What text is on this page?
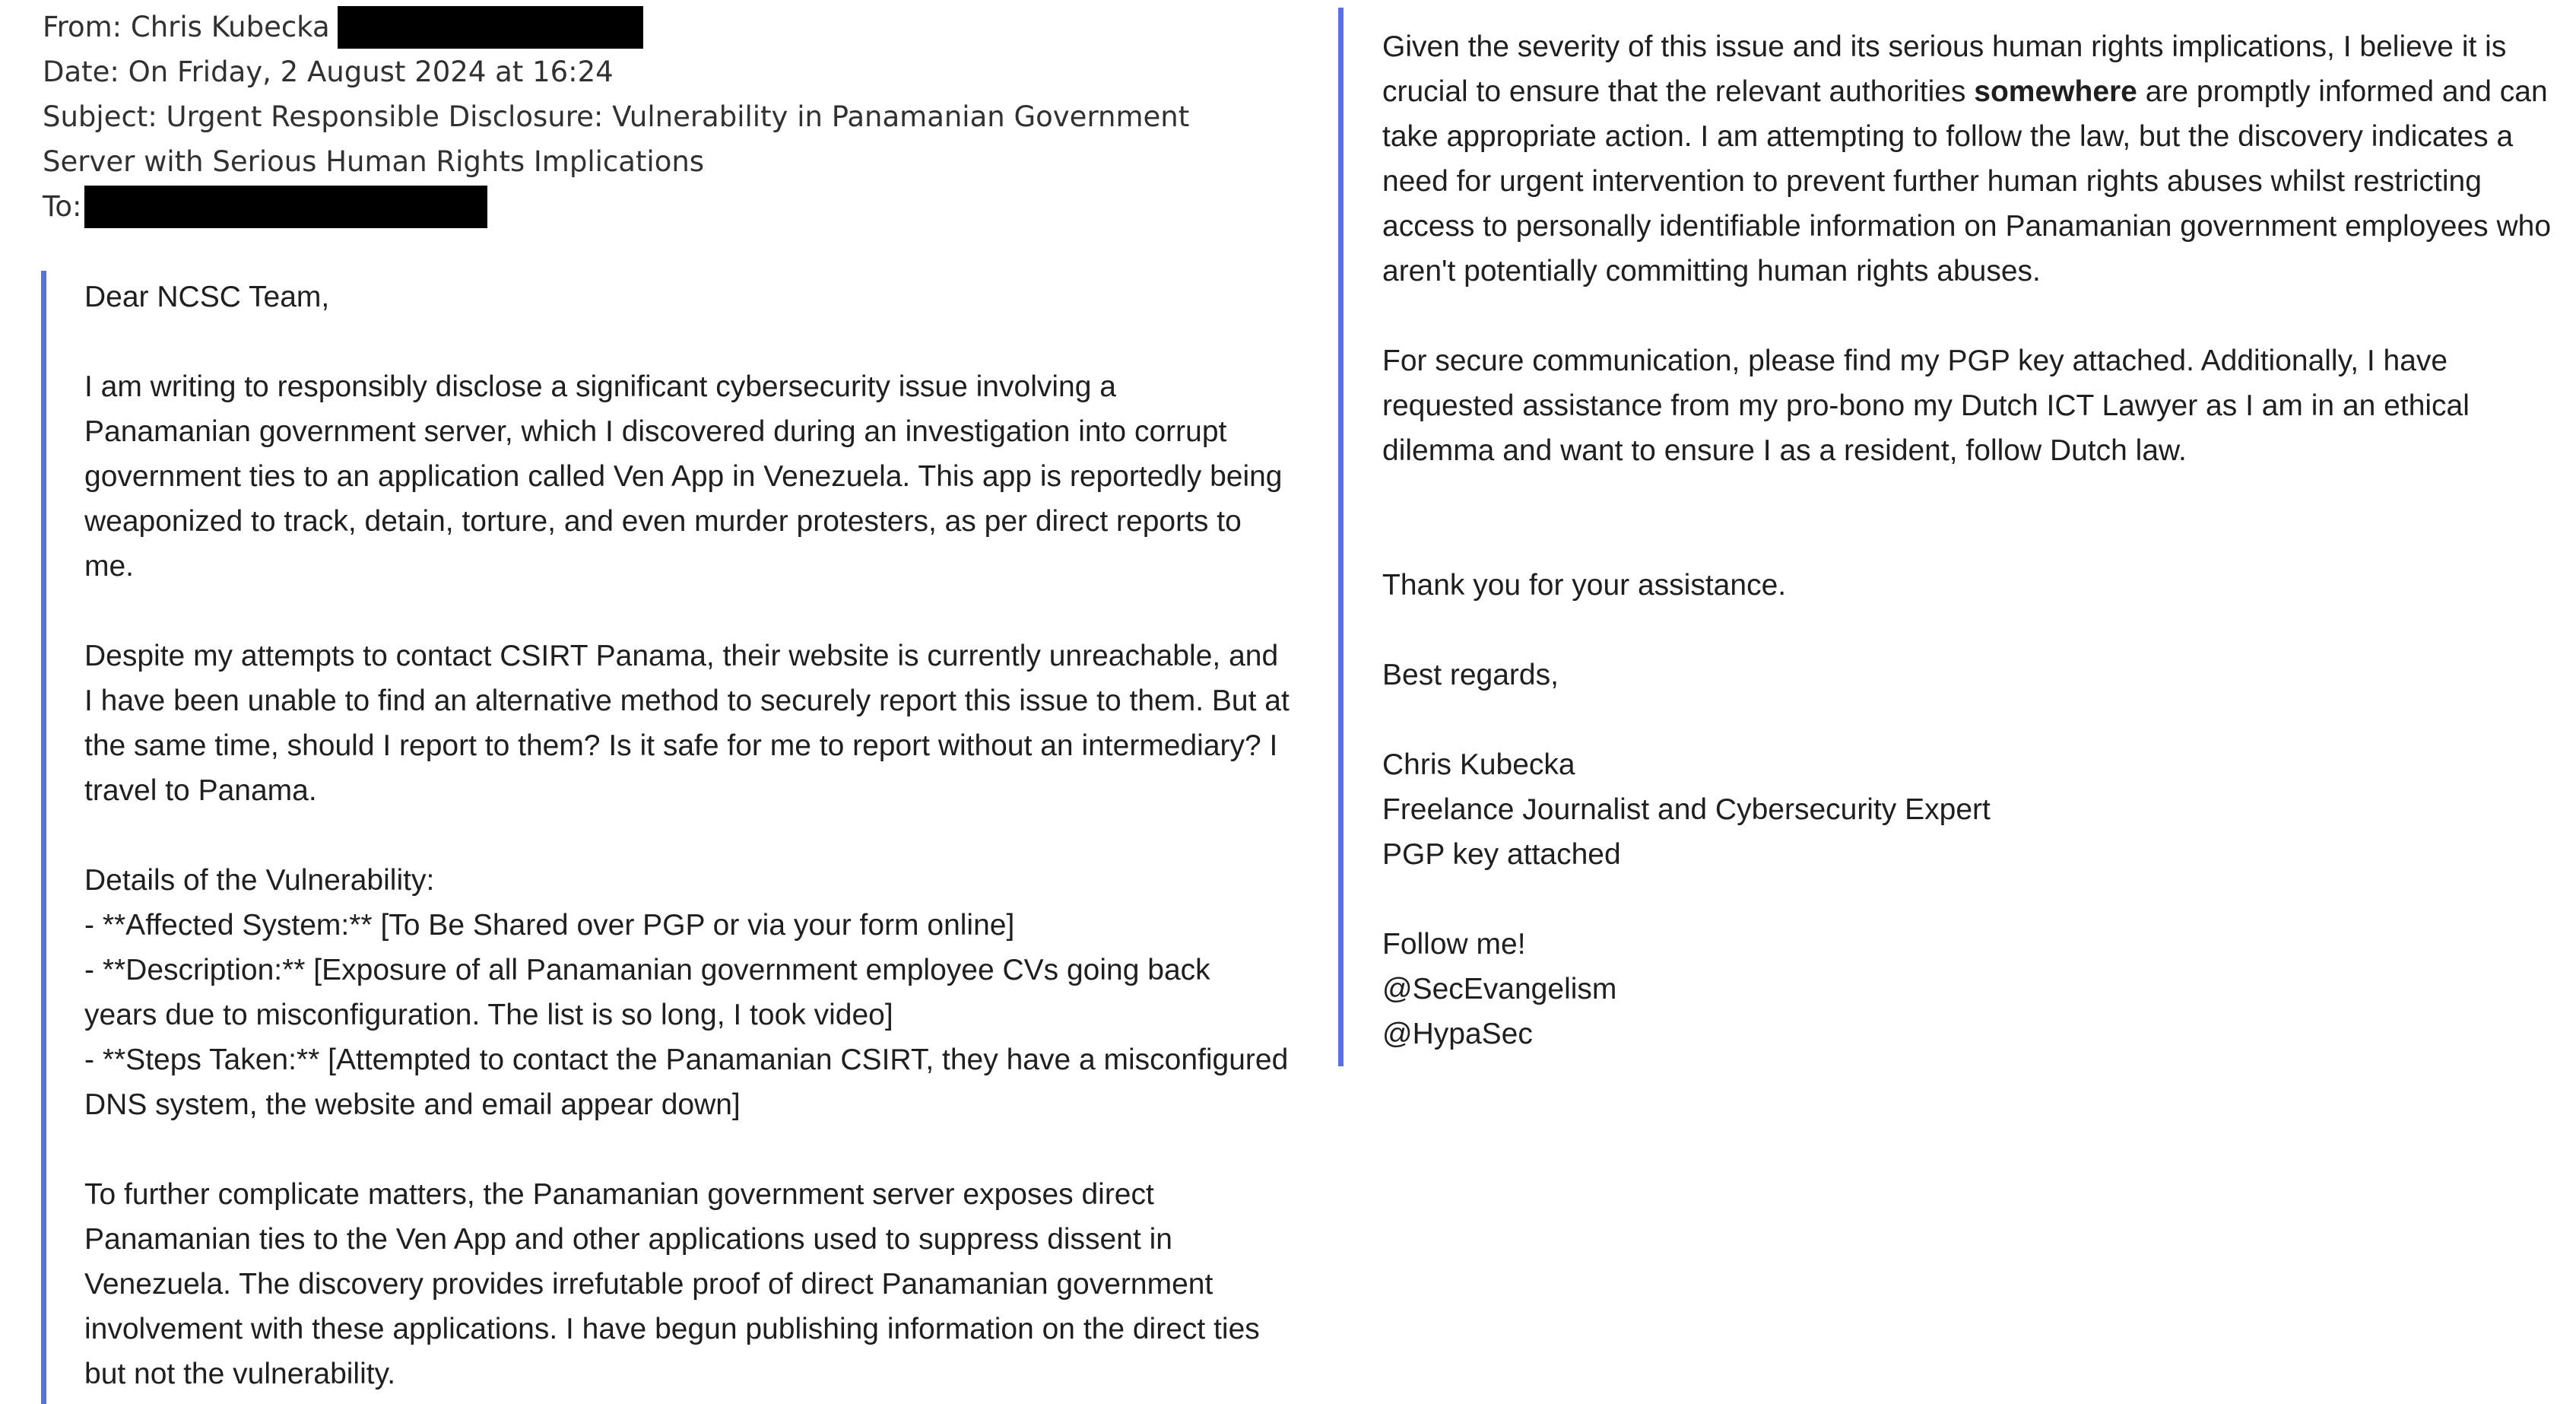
From: Chris Kubecka
Date: On Friday, 2 August 2024 at 16:24
Subject: Urgent Responsible Disclosure: Vulnerability in Panamanian Government Server with Serious Human Rights Implications
To:

Dear NCSC Team,

I am writing to responsibly disclose a significant cybersecurity issue involving a Panamanian government server, which I discovered during an investigation into corrupt government ties to an application called Ven App in Venezuela. This app is reportedly being weaponized to track, detain, torture, and even murder protesters, as per direct reports to me.

Despite my attempts to contact CSIRT Panama, their website is currently unreachable, and I have been unable to find an alternative method to securely report this issue to them. But at the same time, should I report to them? Is it safe for me to report without an intermediary? I travel to Panama.

Details of the Vulnerability:
- **Affected System:** [To Be Shared over PGP or via your form online]
- **Description:** [Exposure of all Panamanian government employee CVs going back years due to misconfiguration. The list is so long, I took video]
- **Steps Taken:** [Attempted to contact the Panamanian CSIRT, they have a misconfigured DNS system, the website and email appear down]

To further complicate matters, the Panamanian government server exposes direct Panamanian ties to the Ven App and other applications used to suppress dissent in Venezuela. The discovery provides irrefutable proof of direct Panamanian government involvement with these applications. I have begun publishing information on the direct ties but not the vulnerability.

Given the severity of this issue and its serious human rights implications, I believe it is crucial to ensure that the relevant authorities somewhere are promptly informed and can take appropriate action. I am attempting to follow the law, but the discovery indicates a need for urgent intervention to prevent further human rights abuses whilst restricting access to personally identifiable information on Panamanian government employees who aren't potentially committing human rights abuses.

For secure communication, please find my PGP key attached. Additionally, I have requested assistance from my pro-bono my Dutch ICT Lawyer as I am in an ethical dilemma and want to ensure I as a resident, follow Dutch law.

Thank you for your assistance.

Best regards,

Chris Kubecka
Freelance Journalist and Cybersecurity Expert
PGP key attached
Follow me!
@SecEvangelism
@HypaSec
